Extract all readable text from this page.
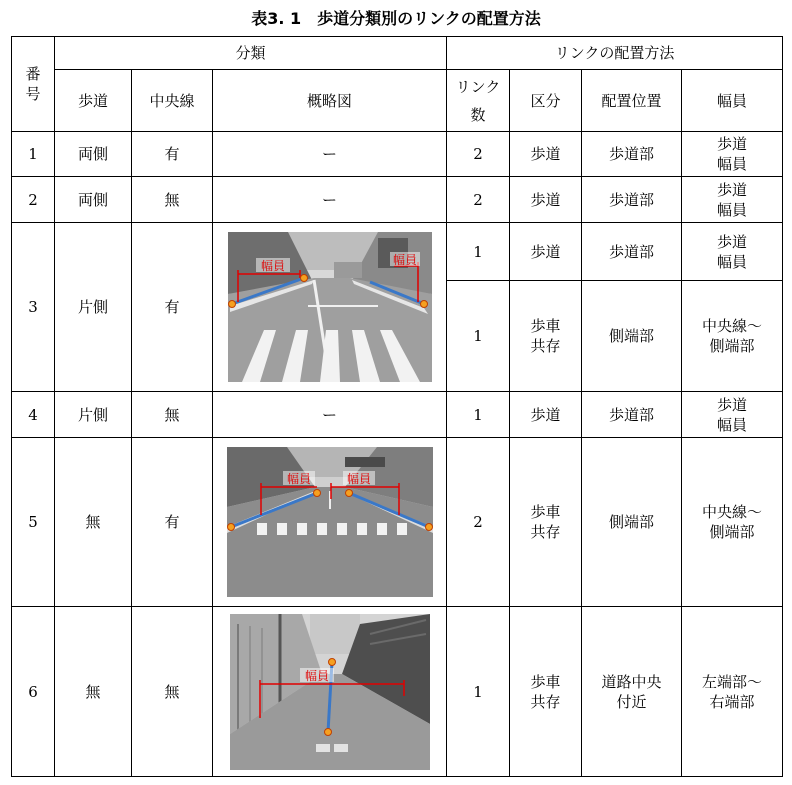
表3. 1　歩道分類別のリンクの配置方法
番
号	分類			リンクの配置方法			
	歩道	中央線	概略図	リンク
数	区分	配置位置	幅員
1	両側	有	ー	2	歩道	歩道部	歩道
幅員
2	両側	無	ー	2	歩道	歩道部	歩道
幅員
3	片側	有	幅員 幅員	1	歩道	歩道部	歩道
幅員
				1	歩車
共存	側端部	中央線～
側端部
4	片側	無	ー	1	歩道	歩道部	歩道
幅員
5	無	有	幅員 幅員	2	歩車
共存	側端部	中央線～
側端部
6	無	無	幅員	1	歩車
共存	道路中央
付近	左端部～
右端部
